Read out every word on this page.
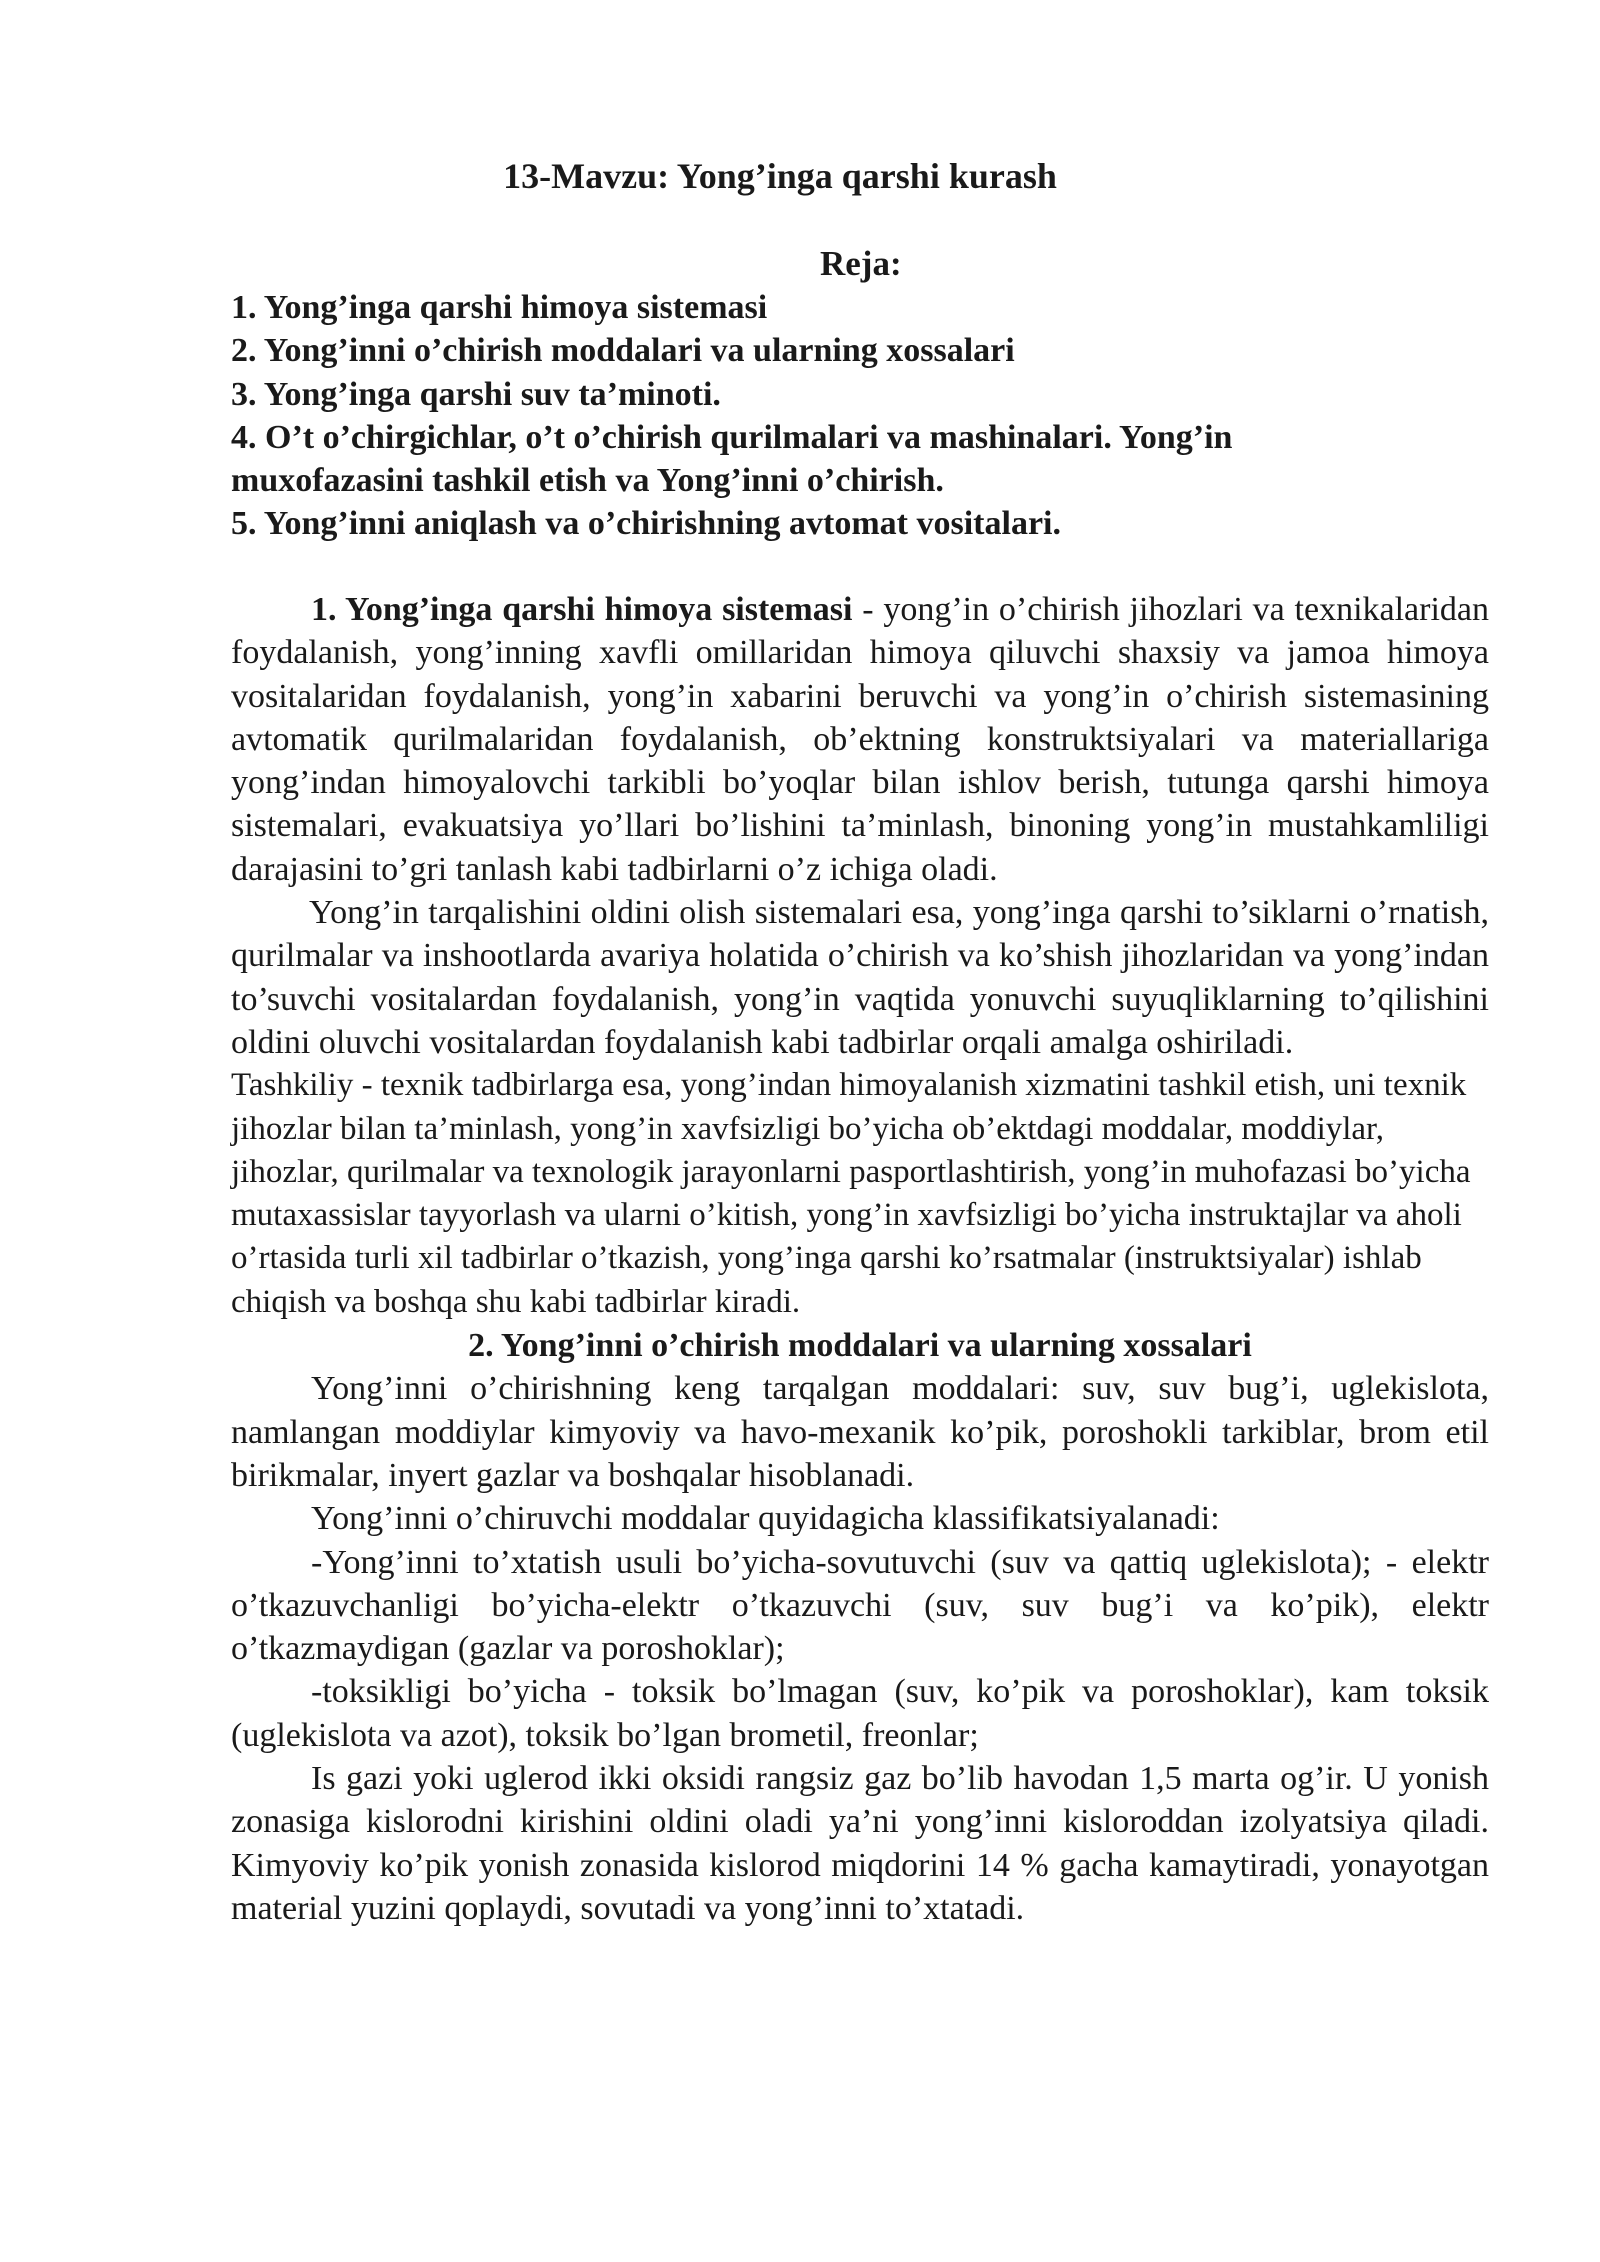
13-Mavzu: Yong’inga qarshi kurash
Reja:
1. Yong’inga qarshi himoya sistemasi
2. Yong’inni o’chirish moddalari va ularning xossalari
3. Yong’inga qarshi suv ta’minoti.
4. O’t o’chirgichlar, o’t o’chirish qurilmalari va mashinalari. Yong’in muxofazasini tashkil etish va Yong’inni o’chirish.
5. Yong’inni aniqlash va o’chirishning avtomat vositalari.

1. Yong’inga qarshi himoya sistemasi - yong’in o’chirish jihozlari va texnikalaridan foydalanish, yong’inning xavfli omillaridan himoya qiluvchi shaxsiy va jamoa himoya vositalaridan foydalanish, yong’in xabarini beruvchi va yong’in o’chirish sistemasining avtomatik qurilmalaridan foydalanish, ob’ektning konstruktsiyalari va materiallariga yong’indan himoyalovchi tarkibli bo’yoqlar bilan ishlov berish, tutunga qarshi himoya sistemalari, evakuatsiya yo’llari bo’lishini ta’minlash, binoning yong’in mustahkamliligi darajasini to’gri tanlash kabi tadbirlarni o’z ichiga oladi.

Yong’in tarqalishini oldini olish sistemalari esa, yong’inga qarshi to’siklarni o’rnatish, qurilmalar va inshootlarda avariya holatida o’chirish va ko’shish jihozlaridan va yong’indan to’suvchi vositalardan foydalanish, yong’in vaqtida yonuvchi suyuqliklarning to’qilishini oldini oluvchi vositalardan foydalanish kabi tadbirlar orqali amalga oshiriladi.

Tashkiliy - texnik tadbirlarga esa, yong’indan himoyalanish xizmatini tashkil etish, uni texnik jihozlar bilan ta’minlash, yong’in xavfsizligi bo’yicha ob’ektdagi moddalar, moddiylar, jihozlar, qurilmalar va texnologik jarayonlarni pasportlashtirish, yong’in muhofazasi bo’yicha mutaxassislar tayyorlash va ularni o’kitish, yong’in xavfsizligi bo’yicha instruktajlar va aholi o’rtasida turli xil tadbirlar o’tkazish, yong’inga qarshi ko’rsatmalar (instruktsiyalar) ishlab chiqish va boshqa shu kabi tadbirlar kiradi.

2. Yong’inni o’chirish moddalari va ularning xossalari

Yong’inni o’chirishning keng tarqalgan moddalari: suv, suv bug’i, uglekislota, namlangan moddiylar kimyoviy va havo-mexanik ko’pik, poroshokli tarkiblar, brom etil birikmalar, inyert gazlar va boshqalar hisoblanadi.

Yong’inni o’chiruvchi moddalar quyidagicha klassifikatsiyalanadi:

-Yong’inni to’xtatish usuli bo’yicha-sovutuvchi (suv va qattiq uglekislota); - elektr o’tkazuvchanligi bo’yicha-elektr o’tkazuvchi (suv, suv bug’i va ko’pik), elektr o’tkazmaydigan (gazlar va poroshoklar);

-toksikligi bo’yicha - toksik bo’lmagan (suv, ko’pik va poroshoklar), kam toksik (uglekislota va azot), toksik bo’lgan brometil, freonlar;

Is gazi yoki uglerod ikki oksidi rangsiz gaz bo’lib havodan 1,5 marta og’ir. U yonish zonasiga kislorodni kirishini oldini oladi ya’ni yong’inni kisloroddan izolyatsiya qiladi. Kimyoviy ko’pik yonish zonasida kislorod miqdorini 14 % gacha kamaytiradi, yonayotgan material yuzini qoplaydi, sovutadi va yong’inni to’xtatadi.
